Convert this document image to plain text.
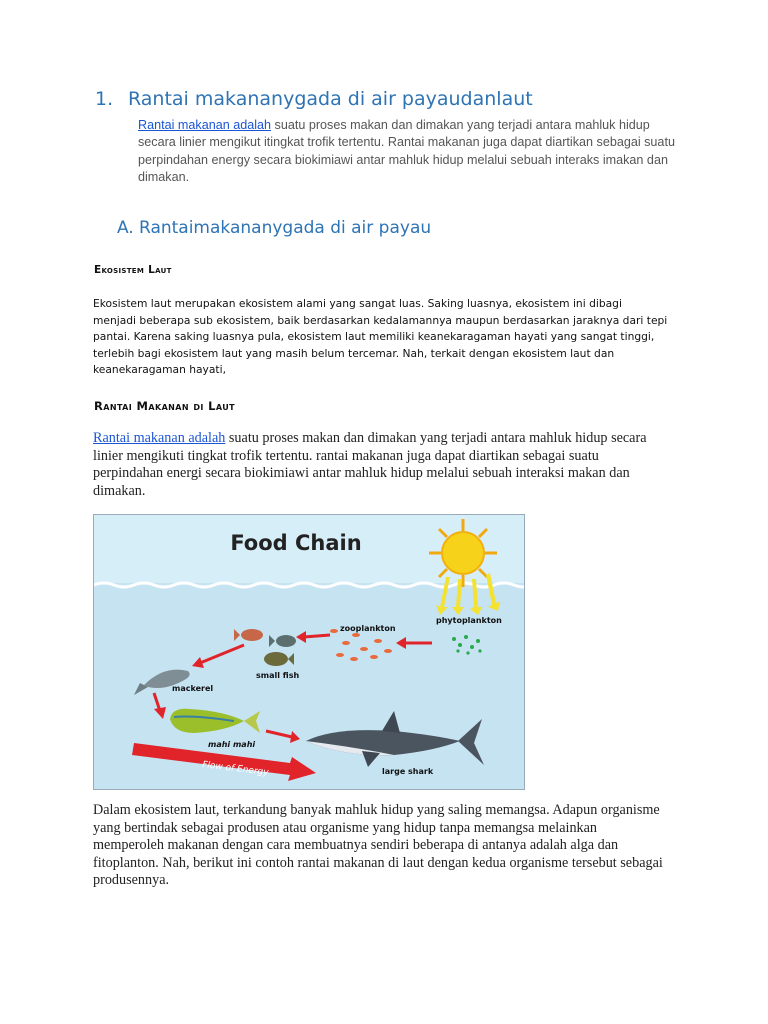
1. Rantai makananygada di air payaudanlaut
Rantai makanan adalah suatu proses makan dan dimakan yang terjadi antara mahluk hidup secara linier mengikut itingkat trofik tertentu. Rantai makanan juga dapat diartikan sebagai suatu perpindahan energy secara biokimiawi antar mahluk hidup melalui sebuah interaks imakan dan dimakan.
A. Rantaimakananygada di air payau
Ekosistem Laut
Ekosistem laut merupakan ekosistem alami yang sangat luas. Saking luasnya, ekosistem ini dibagi menjadi beberapa sub ekosistem, baik berdasarkan kedalamannya maupun berdasarkan jaraknya dari tepi pantai. Karena saking luasnya pula, ekosistem laut memiliki keanekaragaman hayati yang sangat tinggi, terlebih bagi ekosistem laut yang masih belum tercemar. Nah, terkait dengan ekosistem laut dan keanekaragaman hayati,
Rantai Makanan di Laut
Rantai makanan adalah suatu proses makan dan dimakan yang terjadi antara mahluk hidup secara linier mengikuti tingkat trofik tertentu. rantai makanan juga dapat diartikan sebagai suatu perpindahan energi secara biokimiawi antar mahluk hidup melalui sebuah interaksi makan dan dimakan.
Food Chain
phytoplankton
zooplankton
small fish
mackerel
mahi mahi
large shark
Flow of Energy
Dalam ekosistem laut, terkandung banyak mahluk hidup yang saling memangsa. Adapun organisme yang bertindak sebagai produsen atau organisme yang hidup tanpa memangsa melainkan memperoleh makanan dengan cara membuatnya sendiri beberapa di antanya adalah alga dan fitoplanton. Nah, berikut ini contoh rantai makanan di laut dengan kedua organisme tersebut sebagai produsennya.
